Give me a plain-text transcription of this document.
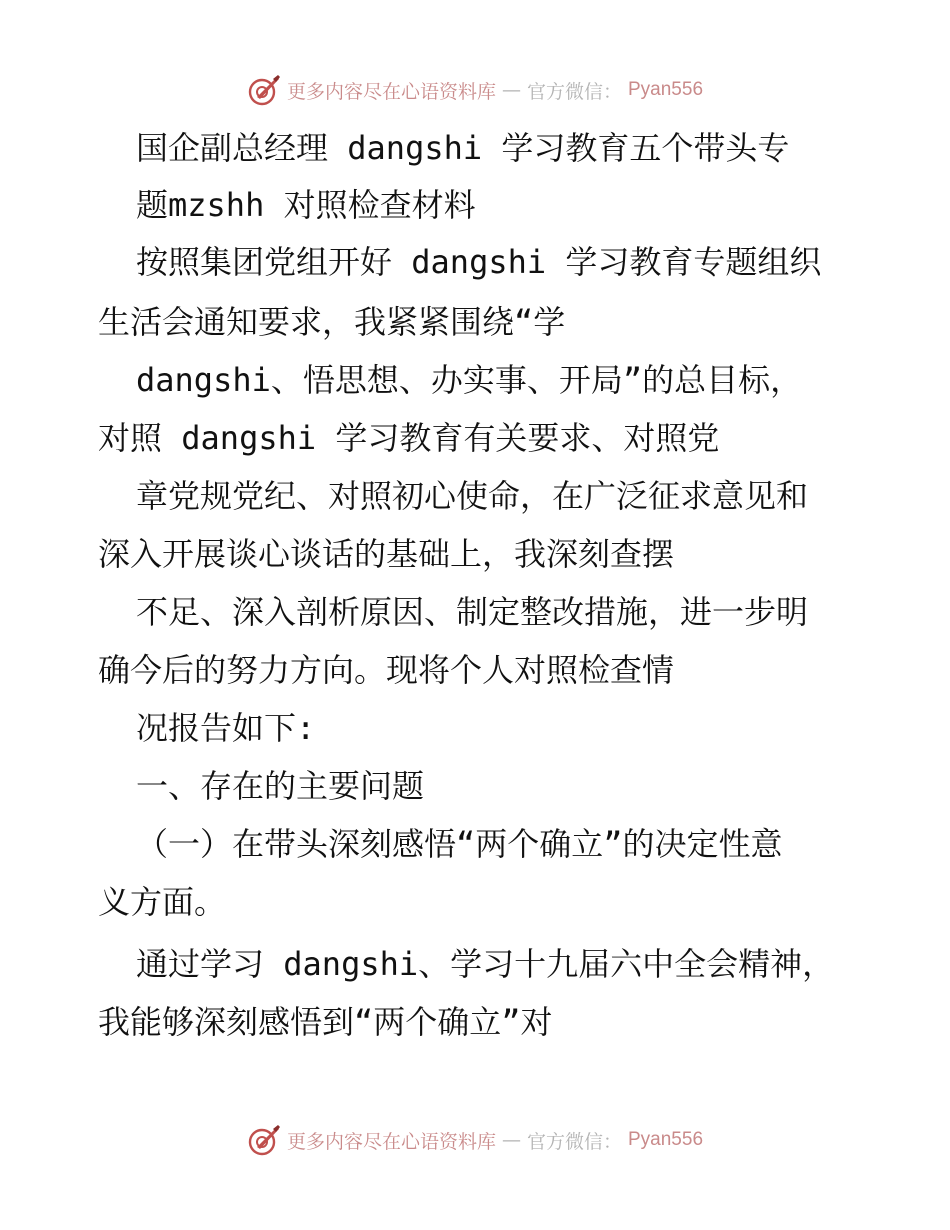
更多内容尽在心语资料库 — 官方微信： Pyan556
国企副总经理 dangshi 学习教育五个带头专
题mzshh 对照检查材料
按照集团党组开好 dangshi 学习教育专题组织
生活会通知要求，我紧紧围绕“学
dangshi、悟思想、办实事、开局”的总目标，
对照 dangshi 学习教育有关要求、对照党
章党规党纪、对照初心使命，在广泛征求意见和
深入开展谈心谈话的基础上，我深刻查摆
不足、深入剖析原因、制定整改措施，进一步明
确今后的努力方向。现将个人对照检查情
况报告如下:
一、存在的主要问题
（一）在带头深刻感悟“两个确立”的决定性意
义方面。
通过学习 dangshi、学习十九届六中全会精神，
我能够深刻感悟到“两个确立”对
更多内容尽在心语资料库 — 官方微信： Pyan556
